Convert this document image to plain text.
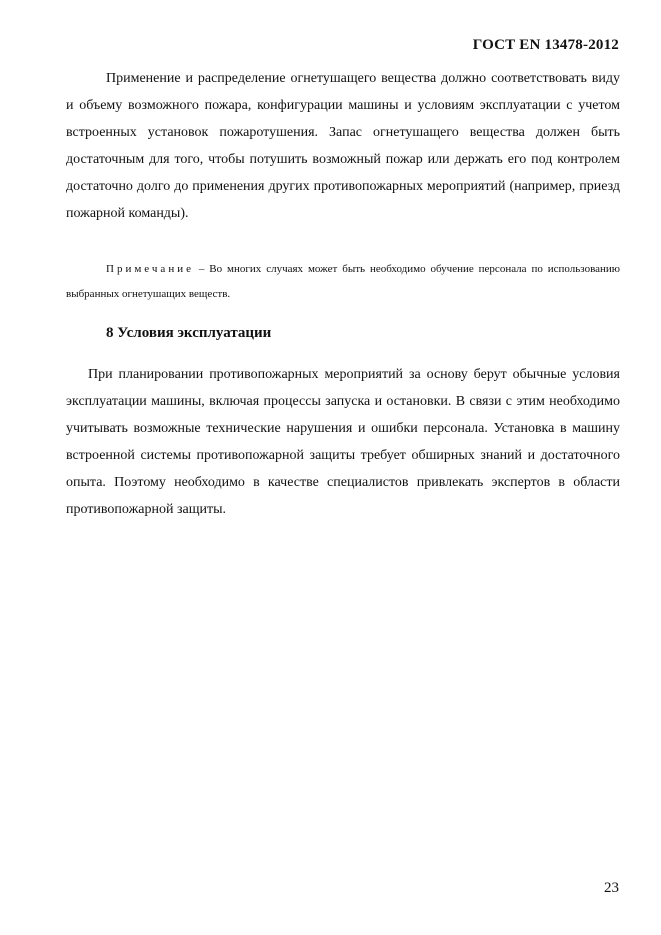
ГОСТ EN 13478-2012

Применение и распределение огнетушащего вещества должно соответствовать виду и объему возможного пожара, конфигурации машины и условиям эксплуатации с учетом встроенных установок пожаротушения. Запас огнетушащего вещества должен быть достаточным для того, чтобы потушить возможный пожар или держать его под контролем достаточно долго до применения других противопожарных мероприятий (например, приезд пожарной команды).

Примечание – Во многих случаях может быть необходимо обучение персонала по использованию выбранных огнетушащих веществ.

8 Условия эксплуатации

При планировании противопожарных мероприятий за основу берут обычные условия эксплуатации машины, включая процессы запуска и остановки. В связи с этим необходимо учитывать возможные технические нарушения и ошибки персонала. Установка в машину встроенной системы противопожарной защиты требует обширных знаний и достаточного опыта. Поэтому необходимо в качестве специалистов привлекать экспертов в области противопожарной защиты.

23
